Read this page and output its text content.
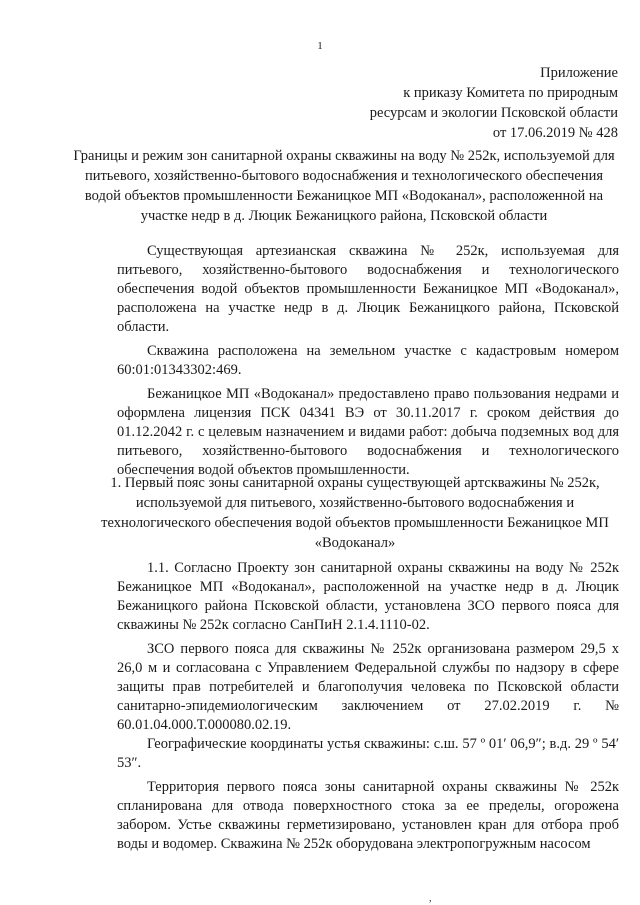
1
Приложение
к приказу Комитета по природным
ресурсам и экологии Псковской области
от 17.06.2019 № 428
Границы и режим зон санитарной охраны скважины на воду № 252к, используемой для питьевого, хозяйственно-бытового водоснабжения и технологического обеспечения водой объектов промышленности Бежаницкое МП «Водоканал», расположенной на участке недр в д. Люцик Бежаницкого района, Псковской области

Существующая артезианская скважина № 252к, используемая для питьевого, хозяйственно-бытового водоснабжения и технологического обеспечения водой объектов промышленности Бежаницкое МП «Водоканал», расположена на участке недр в д. Люцик Бежаницкого района, Псковской области.

Скважина расположена на земельном участке с кадастровым номером 60:01:01343302:469.

Бежаницкое МП «Водоканал» предоставлено право пользования недрами и оформлена лицензия ПСК 04341 ВЭ от 30.11.2017 г. сроком действия до 01.12.2042 г. с целевым назначением и видами работ: добыча подземных вод для питьевого, хозяйственно-бытового водоснабжения и технологического обеспечения водой объектов промышленности.

1. Первый пояс зоны санитарной охраны существующей артскважины № 252к, используемой для питьевого, хозяйственно-бытового водоснабжения и технологического обеспечения водой объектов промышленности Бежаницкое МП «Водоканал»

1.1. Согласно Проекту зон санитарной охраны скважины на воду № 252к Бежаницкое МП «Водоканал», расположенной на участке недр в д. Люцик Бежаницкого района Псковской области, установлена ЗСО первого пояса для скважины № 252к согласно СанПиН 2.1.4.1110-02.

ЗСО первого пояса для скважины № 252к организована размером 29,5 х 26,0 м и согласована с Управлением Федеральной службы по надзору в сфере защиты прав потребителей и благополучия человека по Псковской области санитарно-эпидемиологическим заключением от 27.02.2019 г. № 60.01.04.000.Т.000080.02.19.

Географические координаты устья скважины: с.ш. 57 º 01′ 06,9″; в.д. 29 º 54′ 53″.

Территория первого пояса зоны санитарной охраны скважины № 252к спланирована для отвода поверхностного стока за ее пределы, огорожена забором. Устье скважины герметизировано, установлен кран для отбора проб воды и водомер. Скважина № 252к оборудована электропогружным насосом

,
